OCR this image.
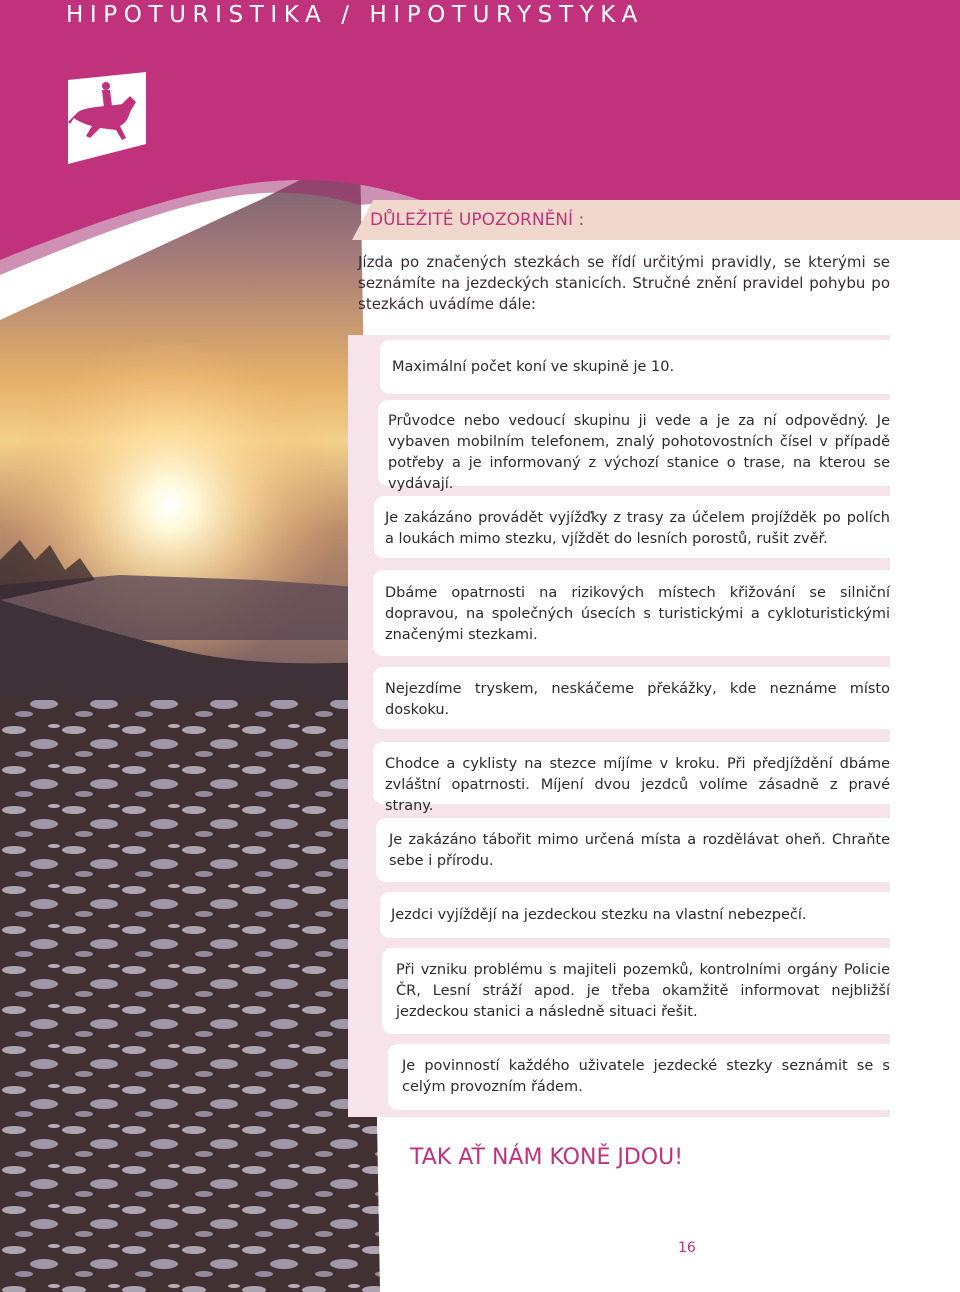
HIPOTURISTIKA / HIPOTURYSTYKA
DŮLEŽITÉ UPOZORNĚNÍ :
Jízda po značených stezkách se řídí určitými pravidly, se kterými se seznámíte na jezdeckých stanicích. Stručné znění pravidel pohybu po stezkách uvádíme dále:
Maximální počet koní ve skupině je 10.
Průvodce nebo vedoucí skupinu ji vede a je za ní odpovědný. Je vybaven mobilním telefonem, znalý pohotovostních čísel v případě potřeby a je informovaný z výchozí stanice o trase, na kterou se vydávají.
Je zakázáno provádět vyjížďky z trasy za účelem projížděk po polích a loukách mimo stezku, vjíždět do lesních porostů, rušit zvěř.
Dbáme opatrnosti na rizikových místech křižování se silniční dopravou, na společných úsecích s turistickými a cykloturistickými značenými stezkami.
Nejezdíme tryskem, neskáčeme překážky, kde neznáme místo doskoku.
Chodce a cyklisty na stezce míjíme v kroku. Při předjíždění dbáme zvláštní opatrnosti. Míjení dvou jezdců volíme zásadně z pravé strany.
Je zakázáno tábořit mimo určená místa a rozdělávat oheň. Chraňte sebe i přírodu.
Jezdci vyjíždějí na jezdeckou stezku na vlastní nebezpečí.
Při vzniku problému s majiteli pozemků, kontrolními orgány Policie ČR, Lesní stráží apod. je třeba okamžitě informovat nejbližší jezdeckou stanici a následně situaci řešit.
Je povinností každého uživatele jezdecké stezky seznámit se s celým provozním řádem.
TAK AŤ NÁM KONĚ JDOU!
16
